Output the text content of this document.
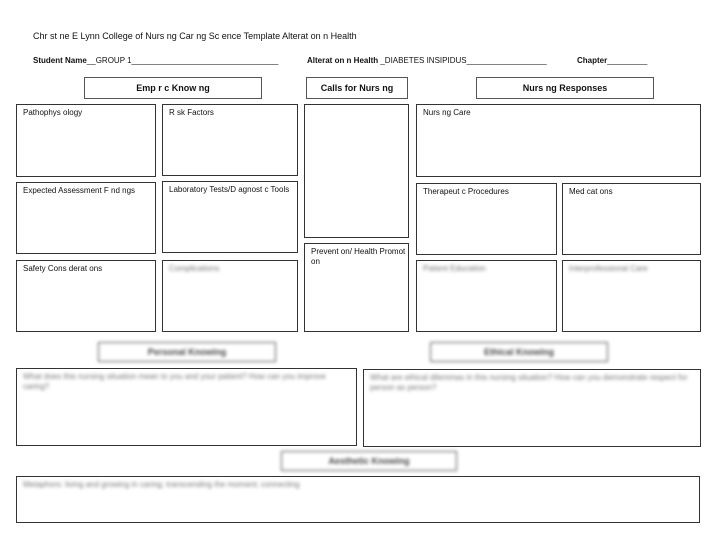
Chr st ne E Lynn College of Nurs ng Car ng Sc ence Template Alterat on n Health
Student Name__GROUP 1_________________________________	Alterat on n Health _DIABETES INSIPIDUS__________________	Chapter_________
Emp r c Know ng	Calls for Nurs ng	Nurs ng Responses
Pathophys ology	R sk Factors
Expected Assessment F nd ngs	Laboratory Tests/D agnost c Tools
Safety Cons derat ons	Complications
Prevent on/ Health Promot on
Nurs ng Care
Therapeut c Procedures	Med cat ons
Patient Education	Interprofessional Care
Personal Knowing	Ethical Knowing
What does this nursing situation mean to you and your patient? How can you improve caring?
What are ethical dilemmas in this nursing situation? How can you demonstrate respect for person as person?
Aesthetic Knowing
Metaphors: living and growing in caring; transcending the moment; connecting
